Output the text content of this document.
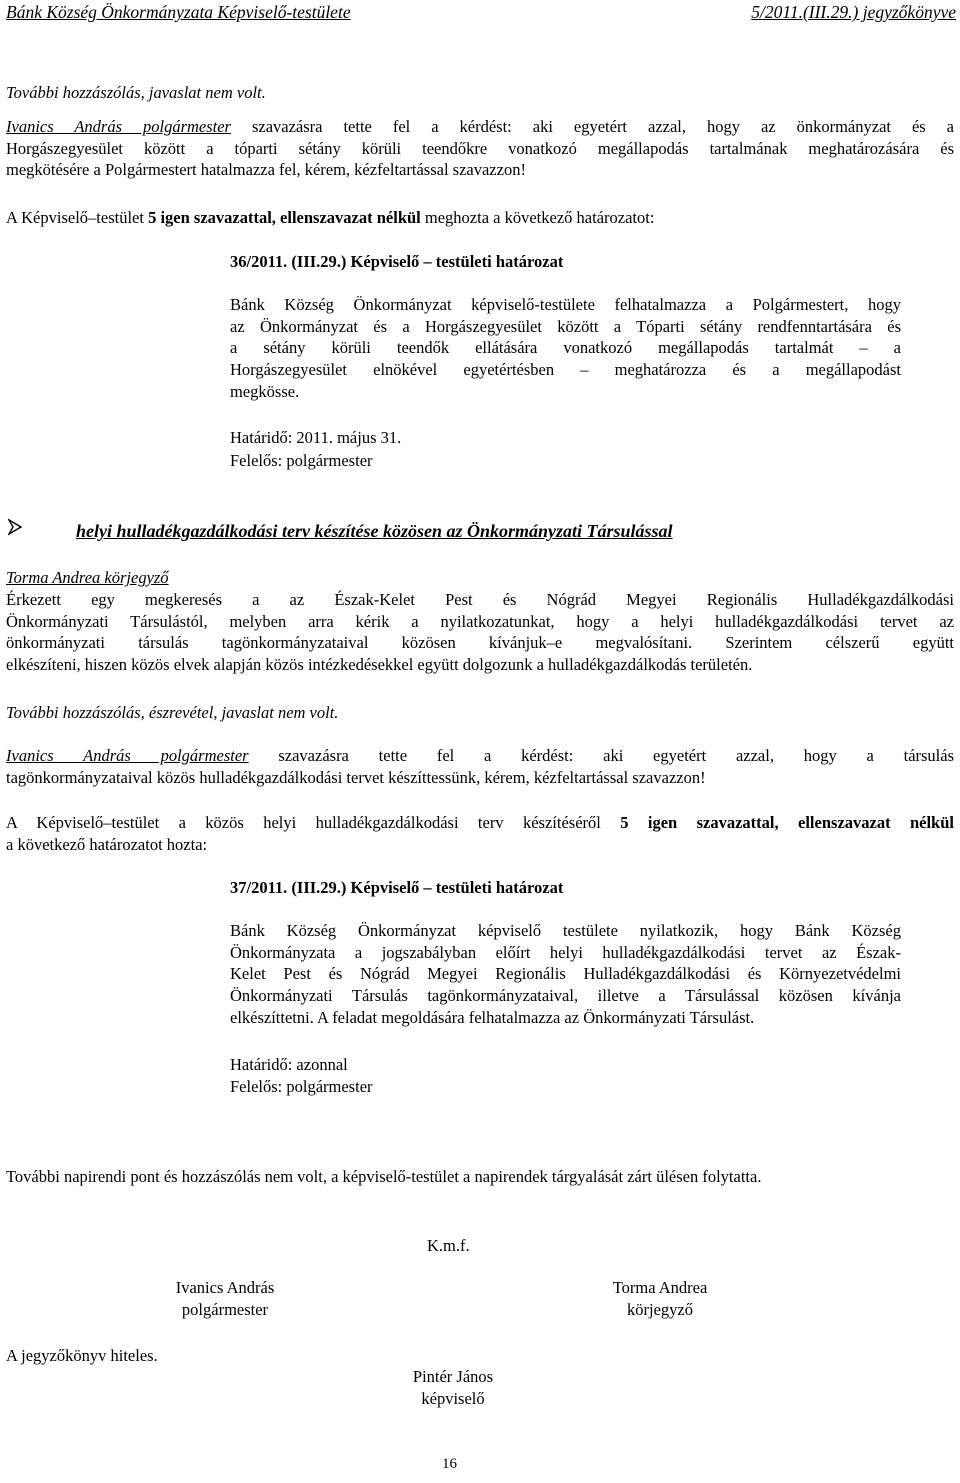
Bánk Község Önkormányzata Képviselő-testülete	5/2011.(III.29.) jegyzőkönyve
További hozzászólás, javaslat nem volt.
Ivanics András polgármester szavazásra tette fel a kérdést: aki egyetért azzal, hogy az önkormányzat és a
Horgászegyesület között a tóparti sétány körüli teendőkre vonatkozó megállapodás tartalmának meghatározására és
megkötésére a Polgármestert hatalmazza fel, kérem, kézfeltartással szavazzon!
A Képviselő–testület 5 igen szavazattal, ellenszavazat nélkül meghozta a következő határozatot:
36/2011. (III.29.) Képviselő – testületi határozat
Bánk Község Önkormányzat képviselő-testülete felhatalmazza a Polgármestert, hogy
az Önkormányzat és a Horgászegyesület között a Tóparti sétány rendfenntartására és
a sétány körüli teendők ellátására vonatkozó megállapodás tartalmát – a
Horgászegyesület elnökével egyetértésben – meghatározza és a megállapodást
megkösse.
Határidő: 2011. május 31.
Felelős: polgármester
helyi hulladékgazdálkodási terv készítése közösen az Önkormányzati Társulással
Torma Andrea körjegyző
Érkezett egy megkeresés a az Észak-Kelet Pest és Nógrád Megyei Regionális Hulladékgazdálkodási
Önkormányzati Társulástól, melyben arra kérik a nyilatkozatunkat, hogy a helyi hulladékgazdálkodási tervet az
önkormányzati társulás tagönkormányzataival közösen kívánjuk–e megvalósítani. Szerintem célszerű együtt
elkészíteni, hiszen közös elvek alapján közös intézkedésekkel együtt dolgozunk a hulladékgazdálkodás területén.
További hozzászólás, észrevétel, javaslat nem volt.
Ivanics András polgármester szavazásra tette fel a kérdést: aki egyetért azzal, hogy a társulás
tagönkormányzataival közös hulladékgazdálkodási tervet készíttessünk, kérem, kézfeltartással szavazzon!
A Képviselő–testület a közös helyi hulladékgazdálkodási terv készítéséről 5 igen szavazattal, ellenszavazat nélkül
a következő határozatot hozta:
37/2011. (III.29.) Képviselő – testületi határozat
Bánk Község Önkormányzat képviselő testülete nyilatkozik, hogy Bánk Község
Önkormányzata a jogszabályban előírt helyi hulladékgazdálkodási tervet az Észak-
Kelet Pest és Nógrád Megyei Regionális Hulladékgazdálkodási és Környezetvédelmi
Önkormányzati Társulás tagönkormányzataival, illetve a Társulással közösen kívánja
elkészíttetni. A feladat megoldására felhatalmazza az Önkormányzati Társulást.
Határidő: azonnal
Felelős: polgármester
További napirendi pont és hozzászólás nem volt, a képviselő-testület a napirendek tárgyalását zárt ülésen folytatta.
K.m.f.
Ivanics András
polgármester
Torma Andrea
körjegyző
A jegyzőkönyv hiteles.
Pintér János
képviselő
16
